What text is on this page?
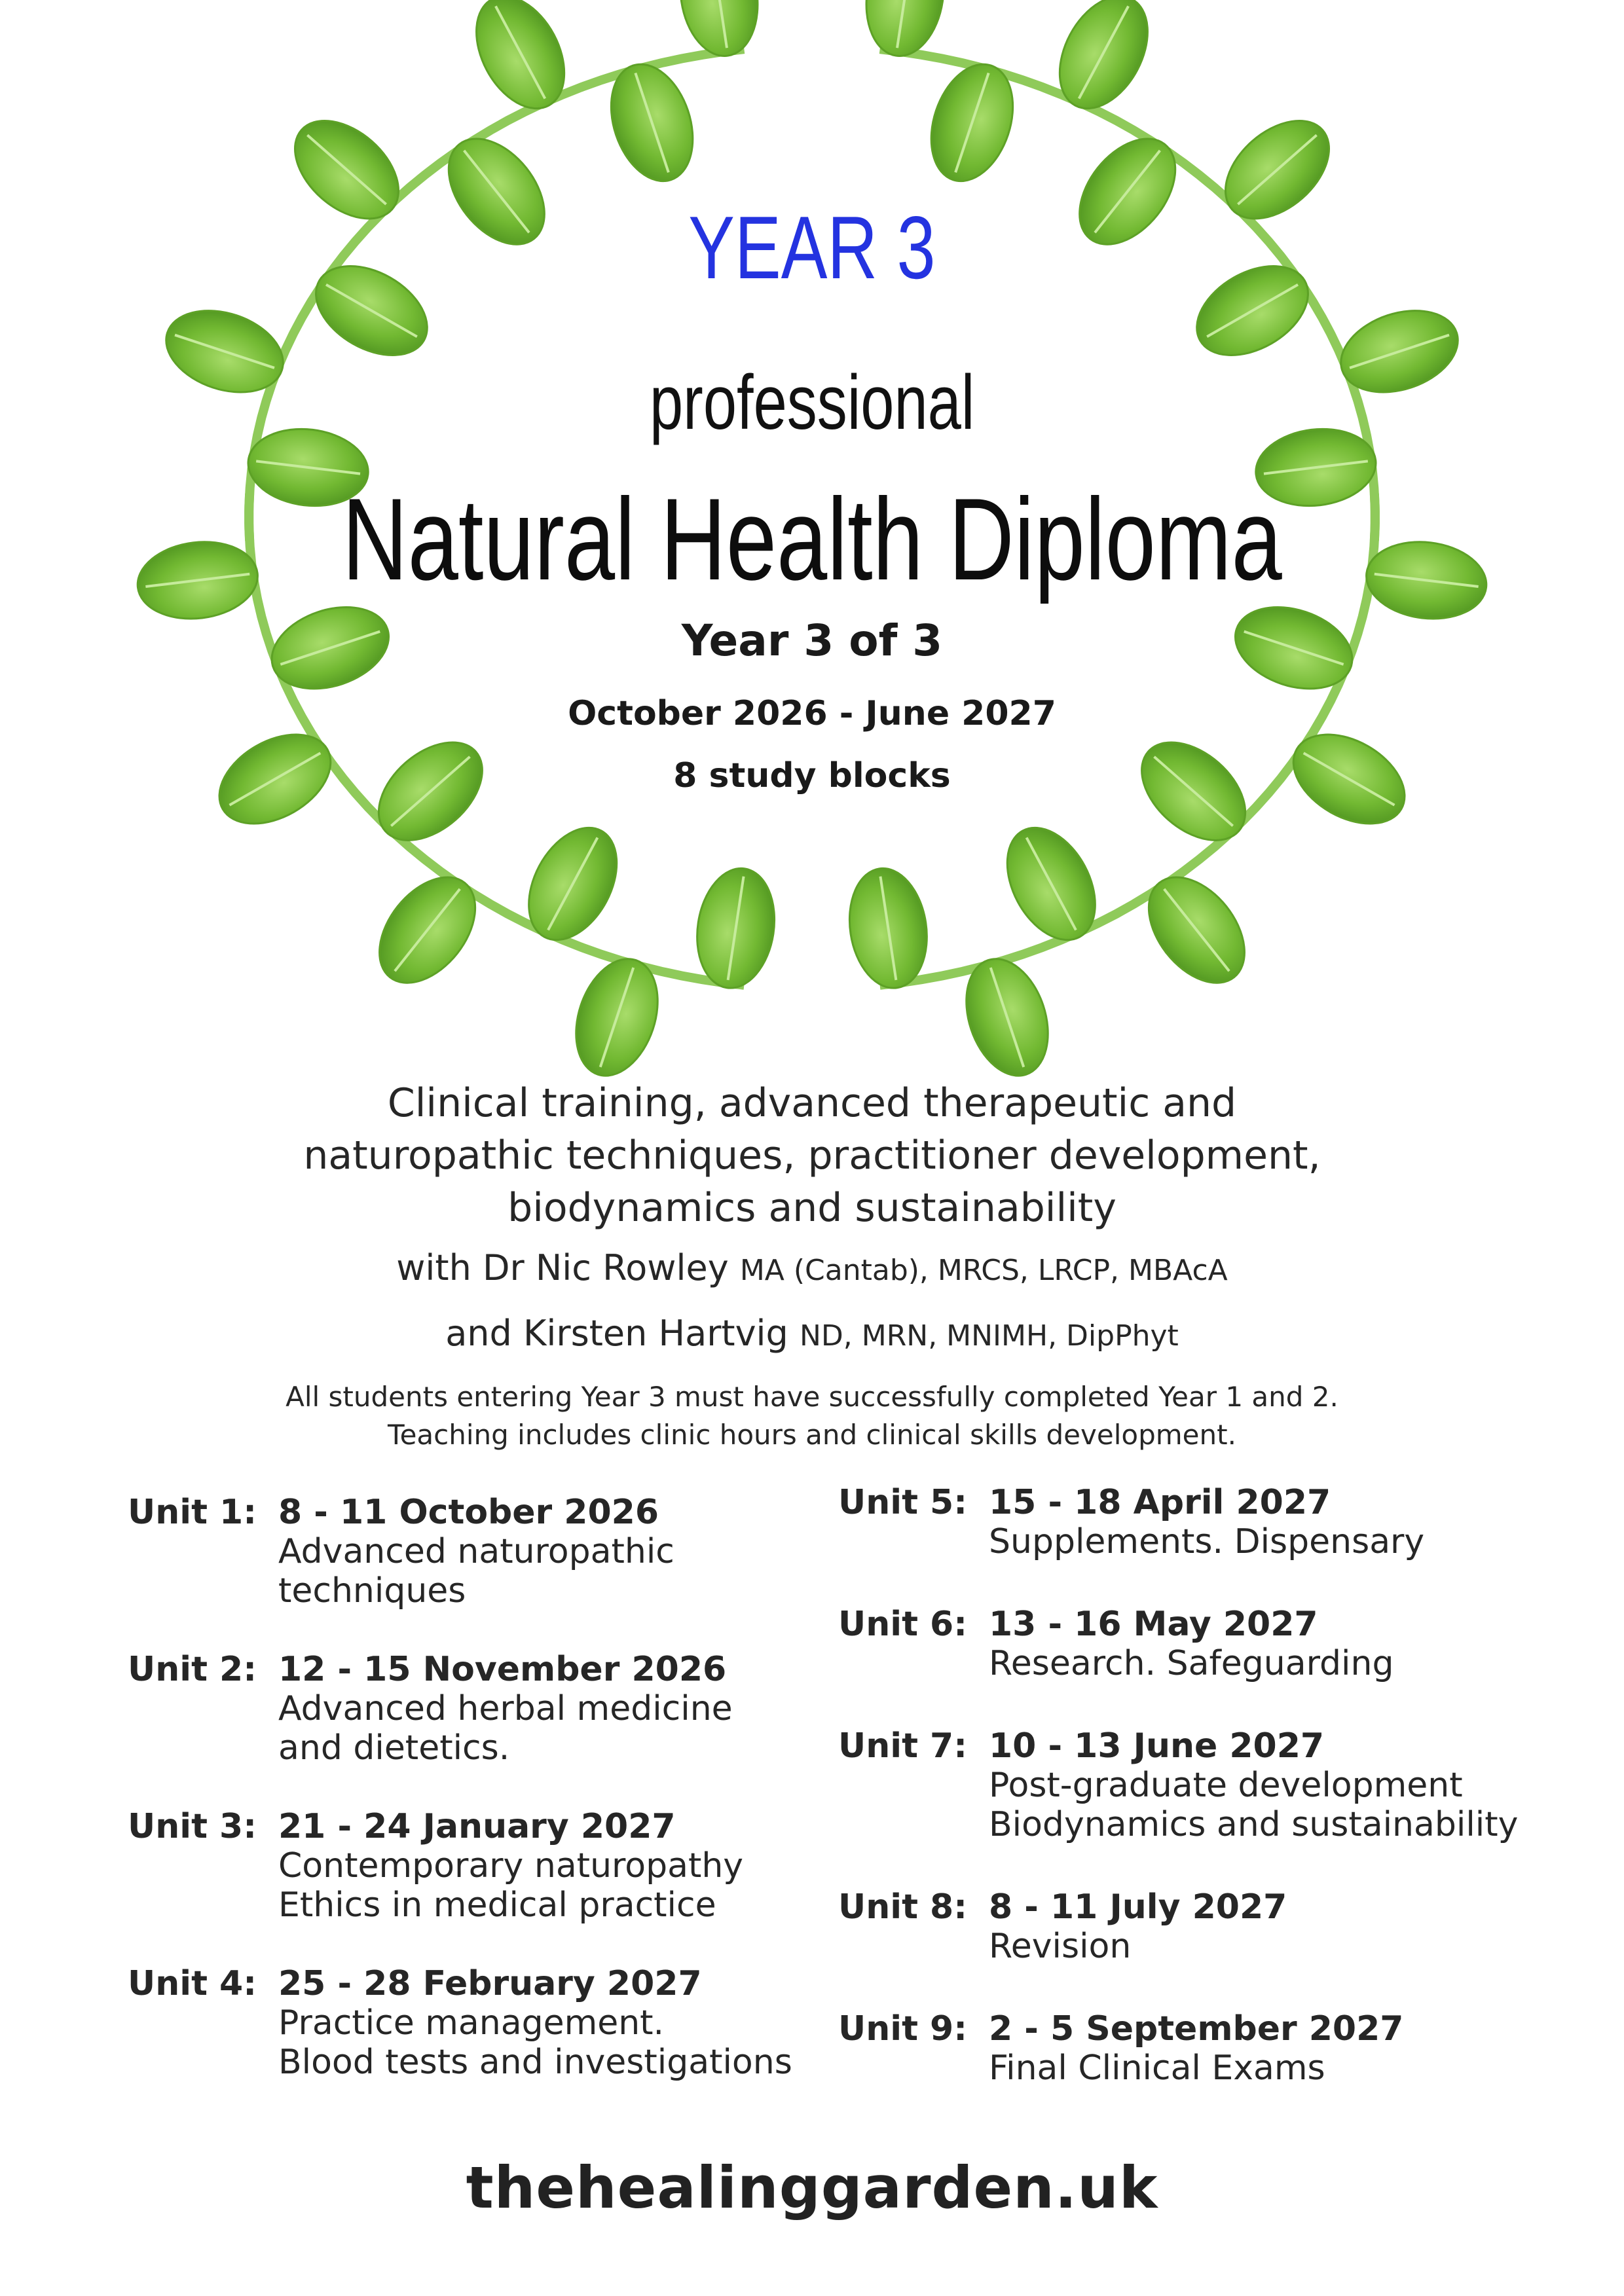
YEAR 3
professional
Natural Health Diploma
Year 3 of 3
October 2026 - June 2027
8 study blocks
Clinical training, advanced therapeutic and
naturopathic techniques, practitioner development,
biodynamics and sustainability
with Dr Nic Rowley MA (Cantab), MRCS, LRCP, MBAcA
and Kirsten Hartvig ND, MRN, MNIMH, DipPhyt
All students entering Year 3 must have successfully completed Year 1 and 2.
Teaching includes clinic hours and clinical skills development.
Unit 1: 8 - 11 October 2026
Advanced naturopathic
techniques
Unit 2: 12 - 15 November 2026
Advanced herbal medicine
and dietetics.
Unit 3: 21 - 24 January 2027
Contemporary naturopathy
Ethics in medical practice
Unit 4: 25 - 28 February 2027
Practice management.
Blood tests and investigations
Unit 5: 15 - 18 April 2027
Supplements. Dispensary
Unit 6: 13 - 16 May 2027
Research. Safeguarding
Unit 7: 10 - 13 June 2027
Post-graduate development
Biodynamics and sustainability
Unit 8: 8 - 11 July 2027
Revision
Unit 9: 2 - 5 September 2027
Final Clinical Exams
thehealinggarden.uk
